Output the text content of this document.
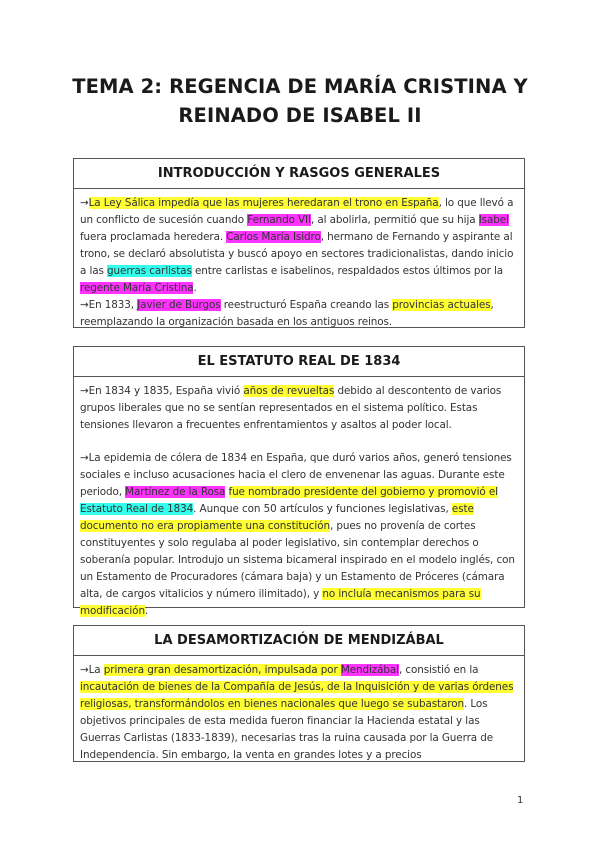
TEMA 2: REGENCIA DE MARÍA CRISTINA Y
REINADO DE ISABEL II
INTRODUCCIÓN Y RASGOS GENERALES

→La Ley Sálica impedía que las mujeres heredaran el trono en España, lo que llevó a un conflicto de sucesión cuando Fernando VII, al abolirla, permitió que su hija Isabel fuera proclamada heredera. Carlos María Isidro, hermano de Fernando y aspirante al trono, se declaró absolutista y buscó apoyo en sectores tradicionalistas, dando inicio a las guerras carlistas entre carlistas e isabelinos, respaldados estos últimos por la regente María Cristina.

→En 1833, Javier de Burgos reestructuró España creando las provincias actuales, reemplazando la organización basada en los antiguos reinos.

EL ESTATUTO REAL DE 1834

→En 1834 y 1835, España vivió años de revueltas debido al descontento de varios grupos liberales que no se sentían representados en el sistema político. Estas tensiones llevaron a frecuentes enfrentamientos y asaltos al poder local.

→La epidemia de cólera de 1834 en España, que duró varios años, generó tensiones sociales e incluso acusaciones hacia el clero de envenenar las aguas. Durante este periodo, Martínez de la Rosa fue nombrado presidente del gobierno y promovió el Estatuto Real de 1834. Aunque con 50 artículos y funciones legislativas, este documento no era propiamente una constitución, pues no provenía de cortes constituyentes y solo regulaba al poder legislativo, sin contemplar derechos o soberanía popular. Introdujo un sistema bicameral inspirado en el modelo inglés, con un Estamento de Procuradores (cámara baja) y un Estamento de Próceres (cámara alta, de cargos vitalicios y número ilimitado), y no incluía mecanismos para su modificación.

LA DESAMORTIZACIÓN DE MENDIZÁBAL

→La primera gran desamortización, impulsada por Mendizábal, consistió en la incautación de bienes de la Compañía de Jesús, de la Inquisición y de varias órdenes religiosas, transformándolos en bienes nacionales que luego se subastaron. Los objetivos principales de esta medida fueron financiar la Hacienda estatal y las Guerras Carlistas (1833-1839), necesarias tras la ruina causada por la Guerra de Independencia. Sin embargo, la venta en grandes lotes y a precios

1
